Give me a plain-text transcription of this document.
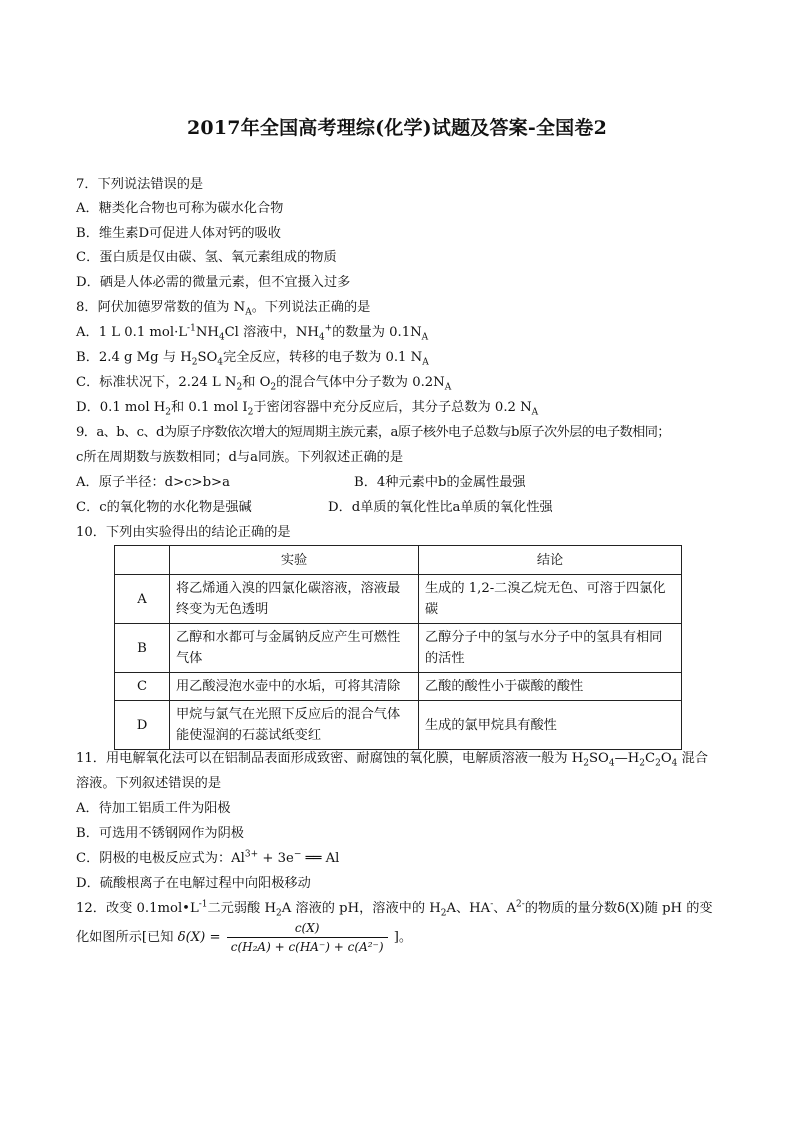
2017年全国高考理综(化学)试题及答案-全国卷2
7．下列说法错误的是
A．糖类化合物也可称为碳水化合物
B．维生素D可促进人体对钙的吸收
C．蛋白质是仅由碳、氢、氧元素组成的物质
D．硒是人体必需的微量元素，但不宜摄入过多
8．阿伏加德罗常数的值为 $N_A$。下列说法正确的是
A．1 L 0.1 $mol\cdot L^{-1}NH_4Cl$ 溶液中，$NH_4^+$的数量为 $0.1N_A$
B．2.4 g Mg 与 $H_2SO_4$完全反应，转移的电子数为 0.1 $N_A$
C．标准状况下，2.24 L $N_2$和 $O_2$的混合气体中分子数为 $0.2N_A$
D．0.1 mol $H_2$和 0.1 mol $I_2$于密闭容器中充分反应后，其分子总数为 0.2 $N_A$
9．a、b、c、d为原子序数依次增大的短周期主族元素，a原子核外电子总数与b原子次外层的电子数相同；
c所在周期数与族数相同；d与a同族。下列叙述正确的是
A．原子半径：d>c>b>a	B．4种元素中b的金属性最强
C．c的氧化物的水化物是强碱	D．d单质的氧化性比a单质的氧化性强
10．下列由实验得出的结论正确的是
	实验	结论
A	将乙烯通入溴的四氯化碳溶液，溶液最终变为无色透明	生成的 1,2-二溴乙烷无色、可溶于四氯化碳
B	乙醇和水都可与金属钠反应产生可燃性气体	乙醇分子中的氢与水分子中的氢具有相同的活性
C	用乙酸浸泡水壶中的水垢，可将其清除	乙酸的酸性小于碳酸的酸性
D	甲烷与氯气在光照下反应后的混合气体能使湿润的石蕊试纸变红	生成的氯甲烷具有酸性
11．用电解氧化法可以在铝制品表面形成致密、耐腐蚀的氧化膜，电解质溶液一般为 $H_2SO_4—H_2C_2O_4$ 混合
溶液。下列叙述错误的是
A．待加工铝质工件为阳极
B．可选用不锈钢网作为阴极
C．阴极的电极反应式为：$Al^{3+} + 3e^-$ ══ Al
D．硫酸根离子在电解过程中向阳极移动
12．改变 $0.1mol•L^{-1}$二元弱酸 $H_2A$ 溶液的 pH，溶液中的 $H_2A$、HA-、$A^{2-}$的物质的量分数δ(X)随 pH 的变
化如图所示[已知 $\delta(X) = \frac{c(X)}{\text{c(H₂A) + c(HA⁻) + c(A²⁻)}}$ ]。
